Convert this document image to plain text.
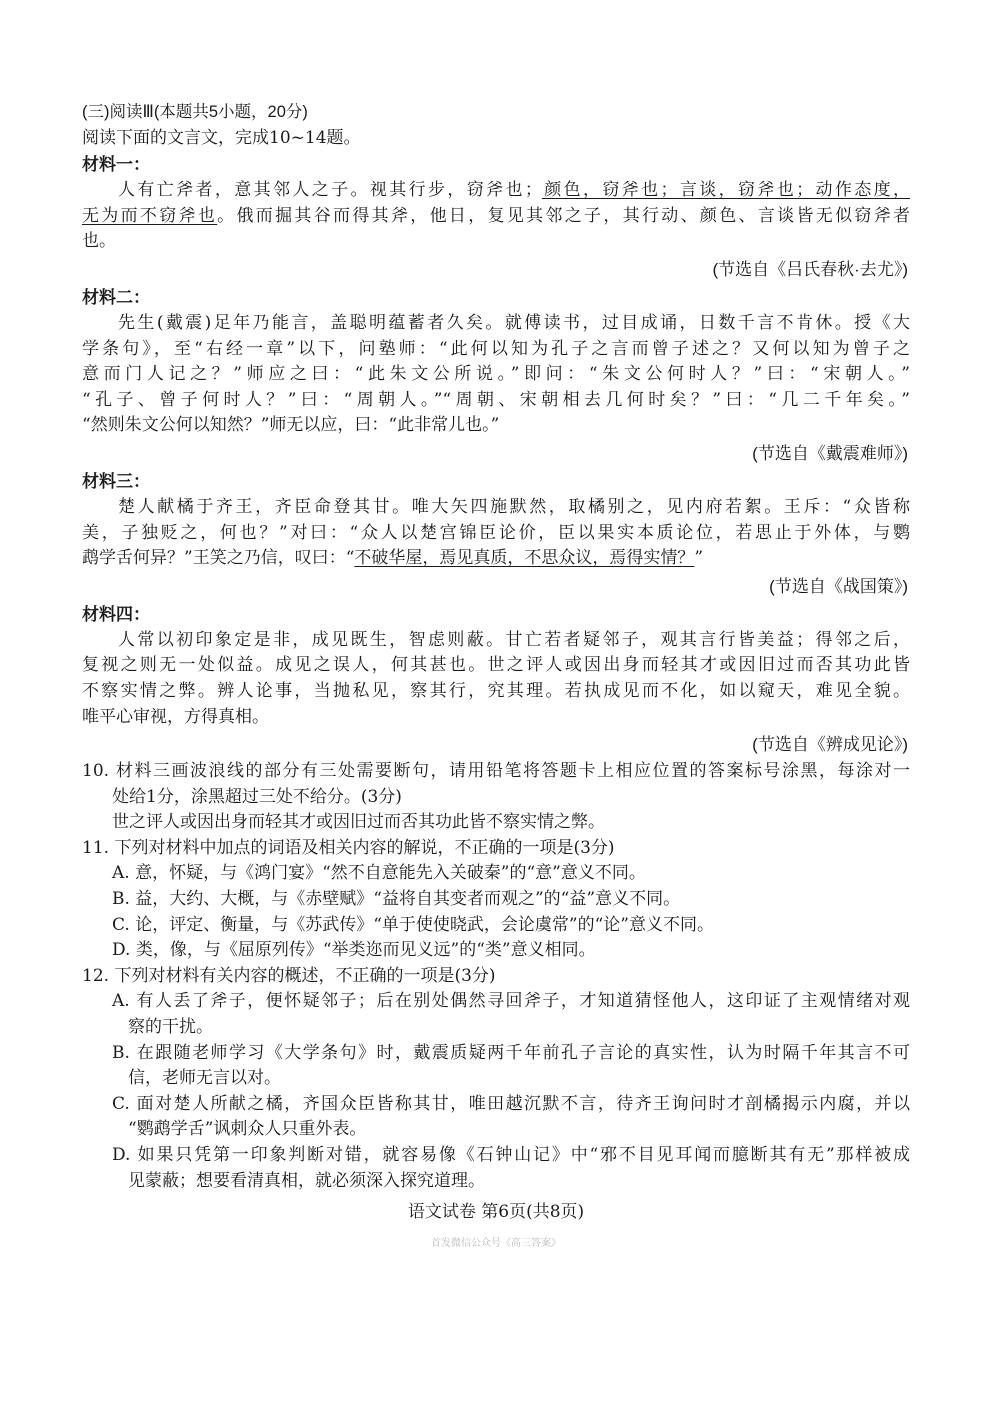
(三)阅读Ⅲ(本题共5小题，20分)
阅读下面的文言文，完成10~14题。
材料一：
人有亡斧者，意其邻人之子。视其行步，窃斧也；颜色，窃斧也；言谈，窃斧也；动作态度，
无为而不窃斧也。俄而掘其谷而得其斧，他日，复见其邻之子，其行动、颜色、言谈皆无似窃斧者
也。
(节选自《吕氏春秋·去尤》)
材料二：
先生(戴震)足年乃能言，盖聪明蕴蓄者久矣。就傅读书，过目成诵，日数千言不肯休。授《大
学条句》，至“右经一章”以下，问塾师：“此何以知为孔子之言而曾子述之？又何以知为曾子之
意而门人记之？”师应之曰：“此朱文公所说。”即问：“朱文公何时人？”曰：“宋朝人。”
“孔子、曾子何时人？”曰：“周朝人。”“周朝、宋朝相去几何时矣？”曰：“几二千年矣。”
“然则朱文公何以知然？”师无以应，曰：“此非常儿也。”
(节选自《戴震难师》)
材料三：
楚人献橘于齐王，齐臣命登其甘。唯大矢四施默然，取橘别之，见内府若絮。王斥：“众皆称
美，子独贬之，何也？”对曰：“众人以楚宫锦臣论价，臣以果实本质论位，若思止于外体，与鹦
鹉学舌何异？”王笑之乃信，叹曰：“不破华屋，焉见真质，不思众议，焉得实情？”
(节选自《战国策》)
材料四：
人常以初印象定是非，成见既生，智虑则蔽。甘亡若者疑邻子，观其言行皆美益；得邻之后，
复视之则无一处似益。成见之误人，何其甚也。世之评人或因出身而轻其才或因旧过而否其功此皆
不察实情之弊。辨人论事，当抛私见，察其行，究其理。若执成见而不化，如以窥天，难见全貌。
唯平心审视，方得真相。
(节选自《辨成见论》)
10. 材料三画波浪线的部分有三处需要断句，请用铅笔将答题卡上相应位置的答案标号涂黑，每涂对一
处给1分，涂黑超过三处不给分。(3分)
世之评人或因出身而轻其才或因旧过而否其功此皆不察实情之弊。
11. 下列对材料中加点的词语及相关内容的解说，不正确的一项是(3分)
A. 意，怀疑，与《鸿门宴》“然不自意能先入关破秦”的“意”意义不同。
B. 益，大约、大概，与《赤壁赋》“益将自其变者而观之”的“益”意义不同。
C. 论，评定、衡量，与《苏武传》“单于使使晓武，会论虞常”的“论”意义不同。
D. 类，像，与《屈原列传》“举类迩而见义远”的“类”意义相同。
12. 下列对材料有关内容的概述，不正确的一项是(3分)
A. 有人丢了斧子，便怀疑邻子；后在别处偶然寻回斧子，才知道猜怪他人，这印证了主观情绪对观
察的干扰。
B. 在跟随老师学习《大学条句》时，戴震质疑两千年前孔子言论的真实性，认为时隔千年其言不可
信，老师无言以对。
C. 面对楚人所献之橘，齐国众臣皆称其甘，唯田越沉默不言，待齐王询问时才剖橘揭示内腐，并以
“鹦鹉学舌”讽刺众人只重外表。
D. 如果只凭第一印象判断对错，就容易像《石钟山记》中“邪不目见耳闻而臆断其有无”那样被成
见蒙蔽；想要看清真相，就必须深入探究道理。
语文试卷 第6页(共8页)
首发微信公众号《高三答案》
